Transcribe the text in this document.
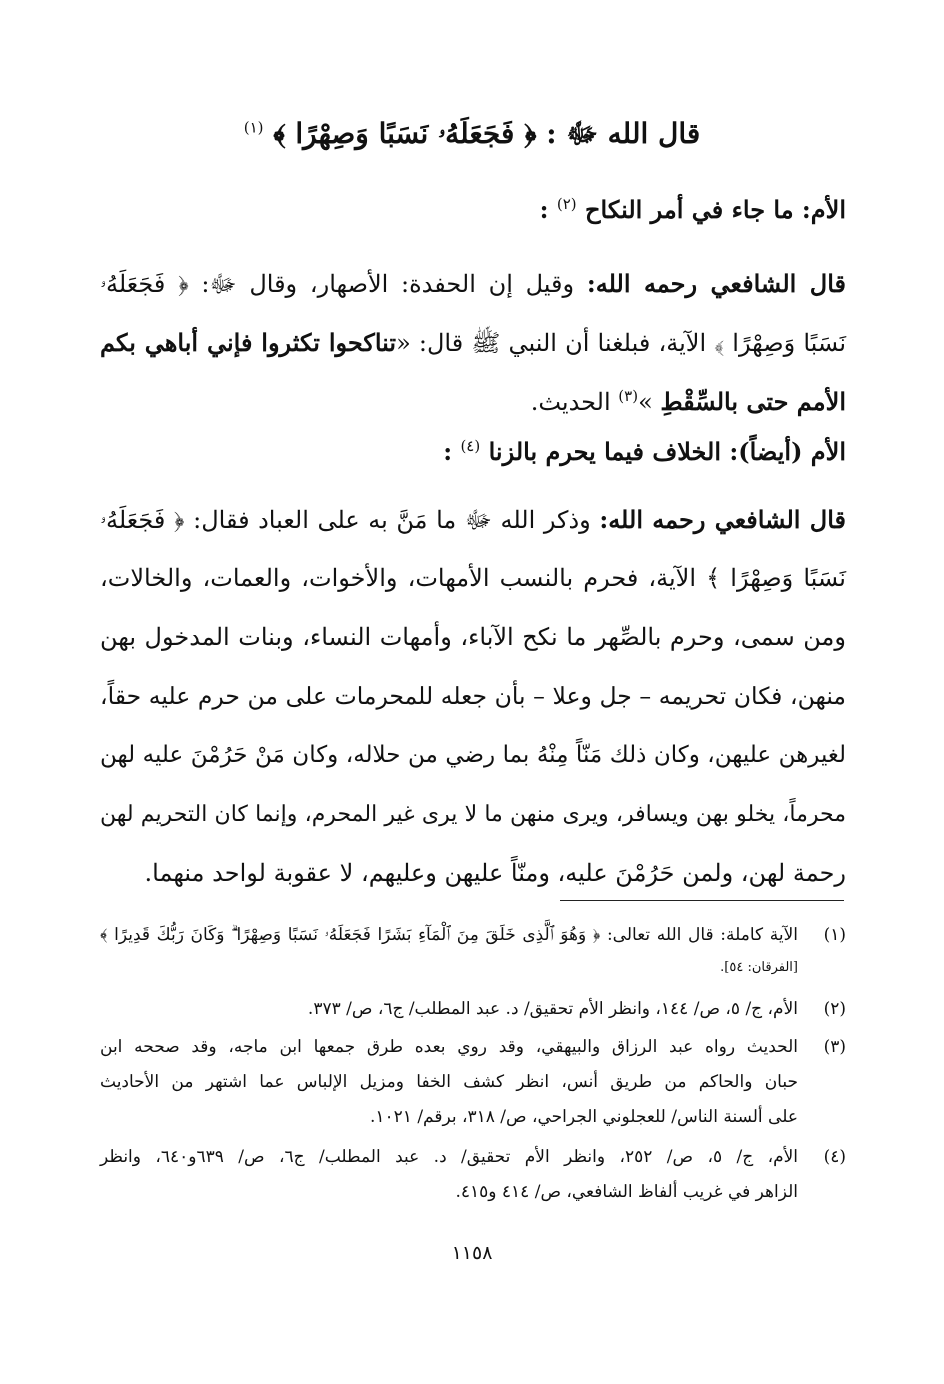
قال الله ﷻ : ﴿ فَجَعَلَهُۥ نَسَبًا وَصِهْرًا ﴾ $^{(١)}$
الأم: ما جاء في أمر النكاح $^{(٢)}$ :
قال الشافعي رحمه الله: وقيل إن الحفدة: الأصهار، وقال ﷻ: ﴿ فَجَعَلَهُۥ
نَسَبًا وَصِهْرًا ﴾ الآية، فبلغنا أن النبي ﷺ قال: «تناكحوا تكثروا فإني أباهي بكم
الأمم حتى بالسِّقْطِ »$^{(٣)}$ الحديث.
الأم (أيضاً): الخلاف فيما يحرم بالزنا $^{(٤)}$ :
قال الشافعي رحمه الله: وذكر الله ﷻ ما مَنَّ به على العباد فقال: ﴿ فَجَعَلَهُۥ
نَسَبًا وَصِهْرًا ﴾ الآية، فحرم بالنسب الأمهات، والأخوات، والعمات، والخالات،
ومن سمى، وحرم بالصِّهر ما نكح الآباء، وأمهات النساء، وبنات المدخول بهن
منهن، فكان تحريمه – جل وعلا – بأن جعله للمحرمات على من حرم عليه حقاً،
لغيرهن عليهن، وكان ذلك مَنّاً مِنْهُ بما رضي من حلاله، وكان مَنْ حَرُمْنَ عليه لهن
محرماً، يخلو بهن ويسافر، ويرى منهن ما لا يرى غير المحرم، وإنما كان التحريم لهن
رحمة لهن، ولمن حَرُمْنَ عليه، ومنّاً عليهن وعليهم، لا عقوبة لواحد منهما.
(١)
الآية كاملة: قال الله تعالى: ﴿ وَهُوَ ٱلَّذِى خَلَقَ مِنَ ٱلْمَآءِ بَشَرًا فَجَعَلَهُۥ نَسَبًا وَصِهْرًا ۗ وَكَانَ رَبُّكَ قَدِيرًا ﴾
[الفرقان: ٥٤].
(٢)
الأم، ج/ ٥، ص/ ١٤٤، وانظر الأم تحقيق/ د. عبد المطلب/ ج٦، ص/ ٣٧٣.
(٣)
الحديث رواه عبد الرزاق والبيهقي، وقد روي بعده طرق جمعها ابن ماجه، وقد صححه ابن
حبان والحاكم من طريق أنس، انظر كشف الخفا ومزيل الإلباس عما اشتهر من الأحاديث
على ألسنة الناس/ للعجلوني الجراحي، ص/ ٣١٨، برقم/ ١٠٢١.
(٤)
الأم، ج/ ٥، ص/ ٢٥٢، وانظر الأم تحقيق/ د. عبد المطلب/ ج٦، ص/ ٦٣٩و٦٤٠، وانظر
الزاهر في غريب ألفاظ الشافعي، ص/ ٤١٤ و٤١٥.
١١٥٨
